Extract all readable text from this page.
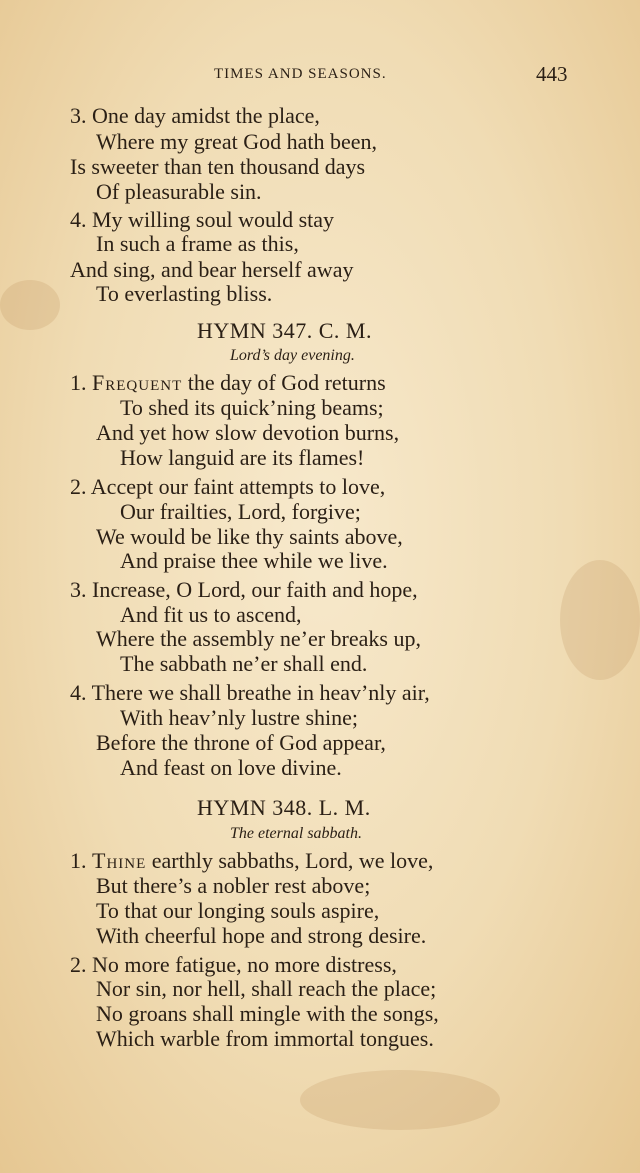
TIMES AND SEASONS.	443
3. One day amidst the place,
Where my great God hath been,
Is sweeter than ten thousand days
Of pleasurable sin.
4. My willing soul would stay
In such a frame as this,
And sing, and bear herself away
To everlasting bliss.
HYMN 347. C. M.
Lord’s day evening.
1. Frequent the day of God returns
To shed its quick’ning beams;
And yet how slow devotion burns,
How languid are its flames!
2. Accept our faint attempts to love,
Our frailties, Lord, forgive;
We would be like thy saints above,
And praise thee while we live.
3. Increase, O Lord, our faith and hope,
And fit us to ascend,
Where the assembly ne’er breaks up,
The sabbath ne’er shall end.
4. There we shall breathe in heav’nly air,
With heav’nly lustre shine;
Before the throne of God appear,
And feast on love divine.
HYMN 348. L. M.
The eternal sabbath.
1. Thine earthly sabbaths, Lord, we love,
But there’s a nobler rest above;
To that our longing souls aspire,
With cheerful hope and strong desire.
2. No more fatigue, no more distress,
Nor sin, nor hell, shall reach the place;
No groans shall mingle with the songs,
Which warble from immortal tongues.
